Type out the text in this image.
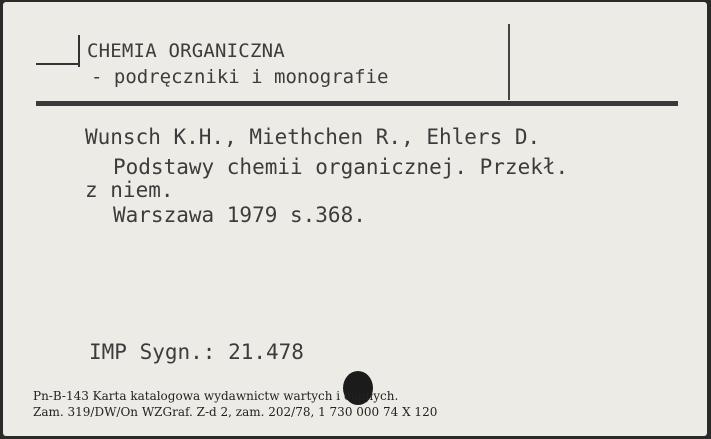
CHEMIA ORGANICZNA
- podręczniki i monografie
Wunsch K.H., Miethchen R., Ehlers D.
Podstawy chemii organicznej. Przekł.
z niem.
Warszawa 1979 s.368.
IMP Sygn.: 21.478
Pn-B-143 Karta katalogowa wydawnictw wartych i ciągłych.
Zam. 319/DW/On WZGraf. Z-d 2, zam. 202/78, 1 730 000 74 X 120
